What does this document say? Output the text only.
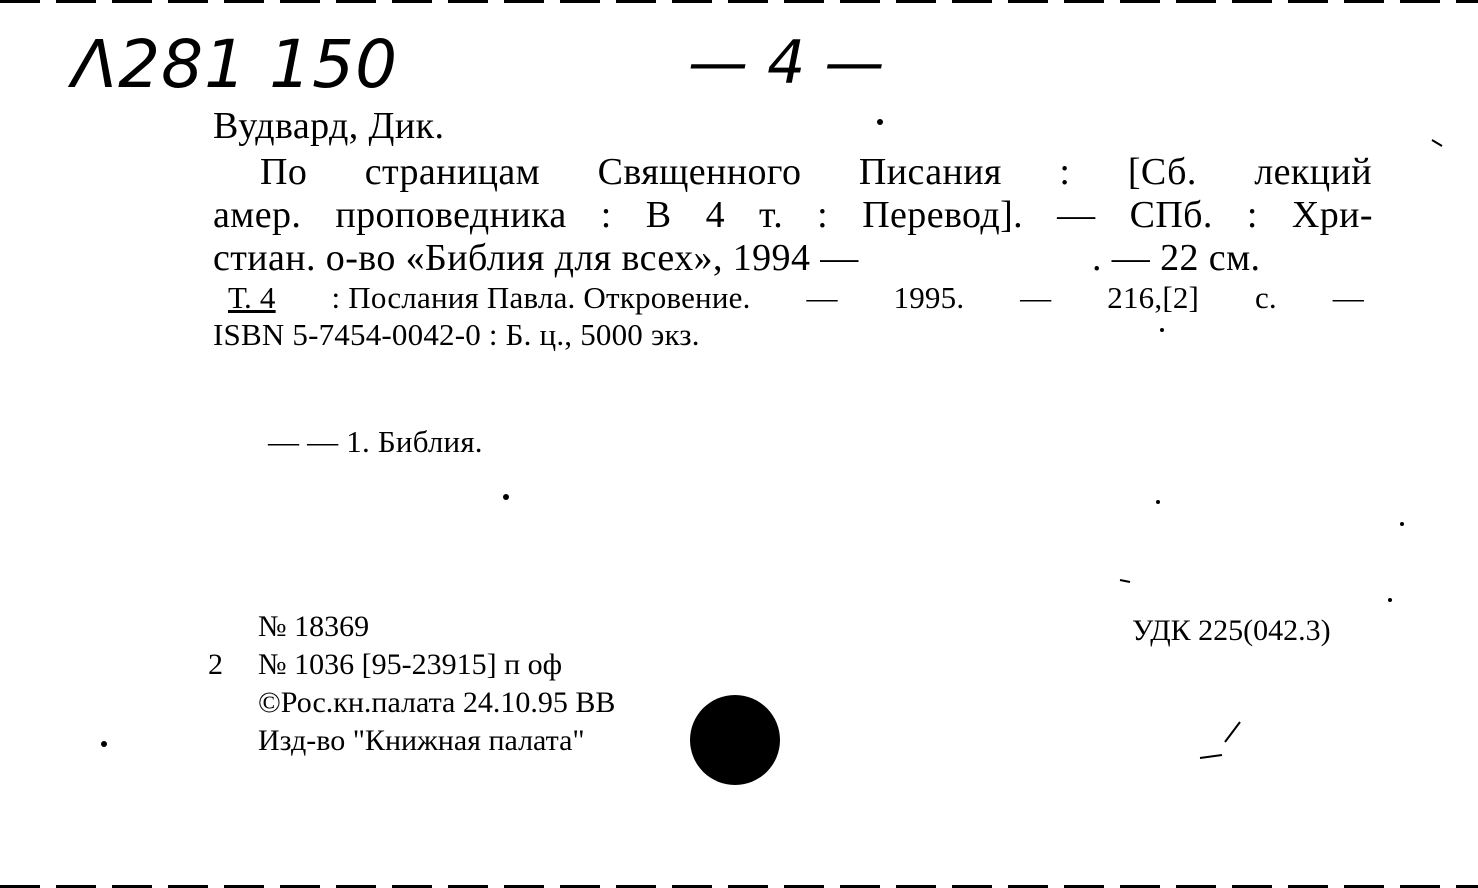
Λ281 150	— 4 —
Вудвард, Дик.
По страницам Священного Писания : [Сб. лекций
амер. проповедника : В 4 т. : Перевод]. — СПб. : Хри-
стиан. о-во «Библия для всех», 1994 —	. — 22 см.
Т. 4 : Послания Павла. Откровение. — 1995. — 216,[2] с. —
ISBN 5-7454-0042-0 : Б. ц., 5000 экз.
— — 1. Библия.
№ 18369
2 № 1036 [95-23915] п оф
©Рос.кн.палата 24.10.95 ВВ
Изд-во "Книжная палата"
УДК 225(042.3)
